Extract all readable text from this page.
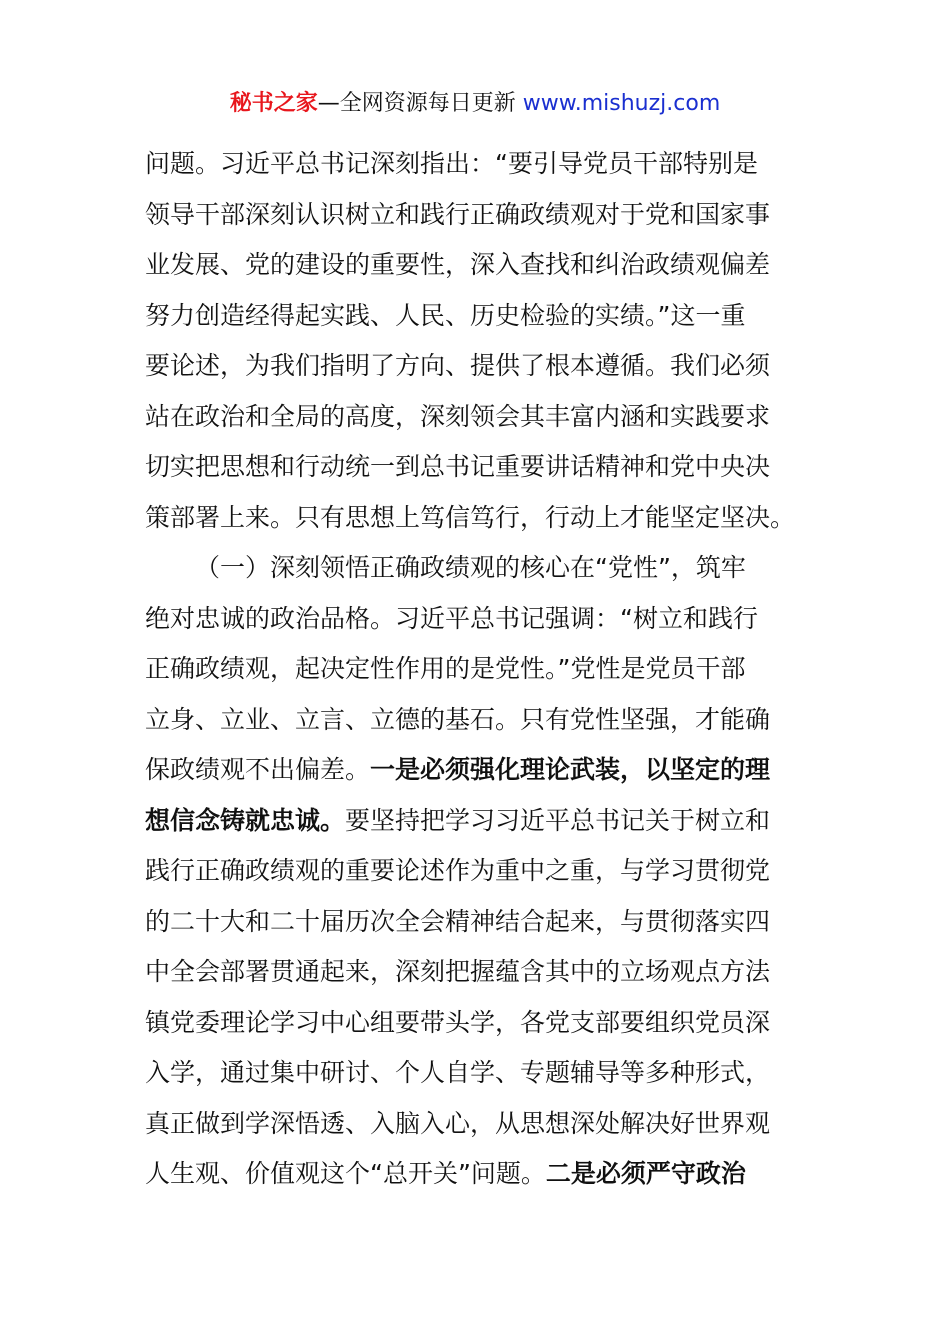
秘书之家—全网资源每日更新 www.mishuzj.com
问题。习近平总书记深刻指出：“要引导党员干部特别是
领导干部深刻认识树立和践行正确政绩观对于党和国家事
业发展、党的建设的重要性，深入查找和纠治政绩观偏差
努力创造经得起实践、人民、历史检验的实绩。”这一重
要论述，为我们指明了方向、提供了根本遵循。我们必须
站在政治和全局的高度，深刻领会其丰富内涵和实践要求
切实把思想和行动统一到总书记重要讲话精神和党中央决
策部署上来。只有思想上笃信笃行，行动上才能坚定坚决。
（一）深刻领悟正确政绩观的核心在“党性”，筑牢
绝对忠诚的政治品格。习近平总书记强调：“树立和践行
正确政绩观，起决定性作用的是党性。”党性是党员干部
立身、立业、立言、立德的基石。只有党性坚强，才能确
保政绩观不出偏差。一是必须强化理论武装，以坚定的理
想信念铸就忠诚。要坚持把学习习近平总书记关于树立和
践行正确政绩观的重要论述作为重中之重，与学习贯彻党
的二十大和二十届历次全会精神结合起来，与贯彻落实四
中全会部署贯通起来，深刻把握蕴含其中的立场观点方法
镇党委理论学习中心组要带头学，各党支部要组织党员深
入学，通过集中研讨、个人自学、专题辅导等多种形式，
真正做到学深悟透、入脑入心，从思想深处解决好世界观
人生观、价值观这个“总开关”问题。二是必须严守政治
